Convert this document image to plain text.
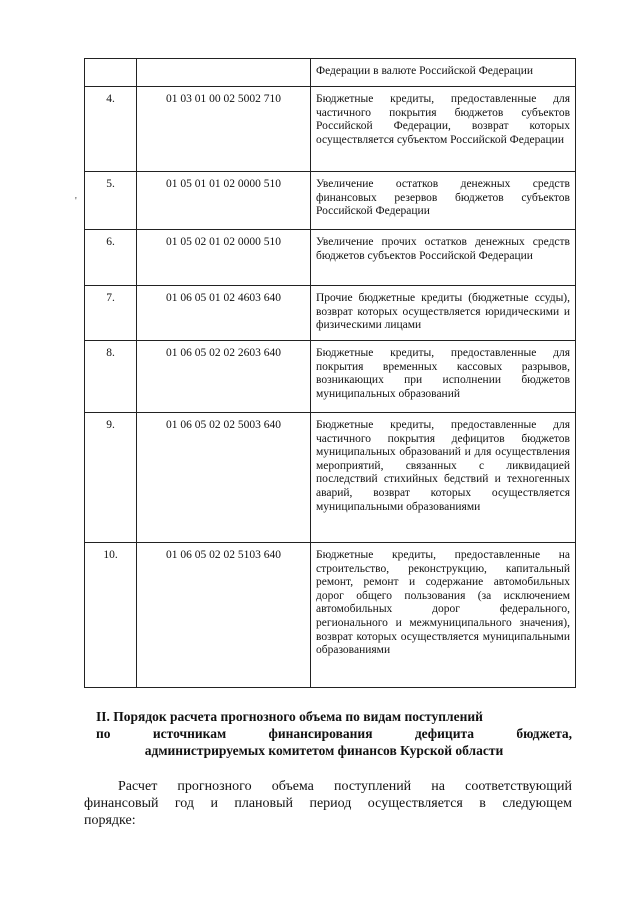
		Федерации в валюте Российской Федерации
4.	01 03 01 00 02 5002 710	Бюджетные кредиты, предоставленные для частичного покрытия бюджетов субъектов Российской Федерации, возврат которых осуществляется субъектом Российской Федерации
5.	01 05 01 01 02 0000 510	Увеличение остатков денежных средств финансовых резервов бюджетов субъектов Российской Федерации
6.	01 05 02 01 02 0000 510	Увеличение прочих остатков денежных средств бюджетов субъектов Российской Федерации
7.	01 06 05 01 02 4603 640	Прочие бюджетные кредиты (бюджетные ссуды), возврат которых осуществляется юридическими и физическими лицами
8.	01 06 05 02 02 2603 640	Бюджетные кредиты, предоставленные для покрытия временных кассовых разрывов, возникающих при исполнении бюджетов муниципальных образований
9.	01 06 05 02 02 5003 640	Бюджетные кредиты, предоставленные для частичного покрытия дефицитов бюджетов муниципальных образований и для осуществления мероприятий, связанных с ликвидацией последствий стихийных бедствий и техногенных аварий, возврат которых осуществляется муниципальными образованиями
10.	01 06 05 02 02 5103 640	Бюджетные кредиты, предоставленные на строительство, реконструкцию, капитальный ремонт, ремонт и содержание автомобильных дорог общего пользования (за исключением автомобильных дорог федерального, регионального и межмуниципального значения), возврат которых осуществляется муниципальными образованиями
'
II. Порядок расчета прогнозного объема по видам поступлений
по источникам финансирования дефицита бюджета,
администрируемых комитетом финансов Курской области
Расчет прогнозного объема поступлений на соответствующий
финансовый год и плановый период осуществляется в следующем
порядке:
